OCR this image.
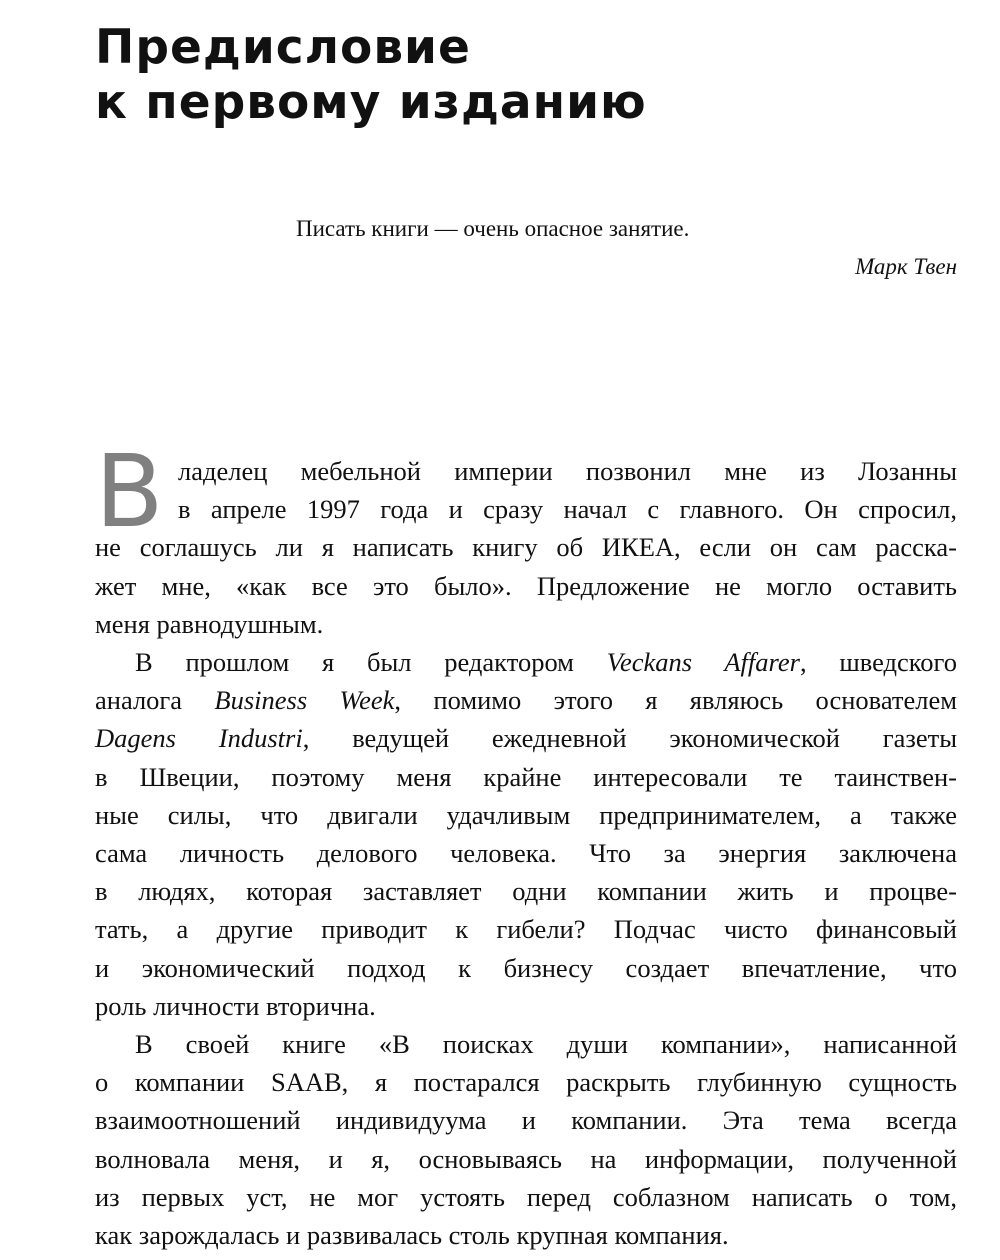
Предисловие
к первому изданию
Писать книги — очень опасное занятие.
Марк Твен
В ладелец мебельной империи позвонил мне из Лозанны
в апреле 1997 года и сразу начал с главного. Он спросил,
не соглашусь ли я написать книгу об ИКЕА, если он сам расска-
жет мне, «как все это было». Предложение не могло оставить
меня равнодушным.
В прошлом я был редактором Veckans Affarer, шведского
аналога Business Week, помимо этого я являюсь основателем
Dagens Industri, ведущей ежедневной экономической газеты
в Швеции, поэтому меня крайне интересовали те таинствен-
ные силы, что двигали удачливым предпринимателем, а также
сама личность делового человека. Что за энергия заключена
в людях, которая заставляет одни компании жить и процве-
тать, а другие приводит к гибели? Подчас чисто финансовый
и экономический подход к бизнесу создает впечатление, что
роль личности вторична.
В своей книге «В поисках души компании», написанной
о компании SAAB, я постарался раскрыть глубинную сущность
взаимоотношений индивидуума и компании. Эта тема всегда
волновала меня, и я, основываясь на информации, полученной
из первых уст, не мог устоять перед соблазном написать о том,
как зарождалась и развивалась столь крупная компания.
